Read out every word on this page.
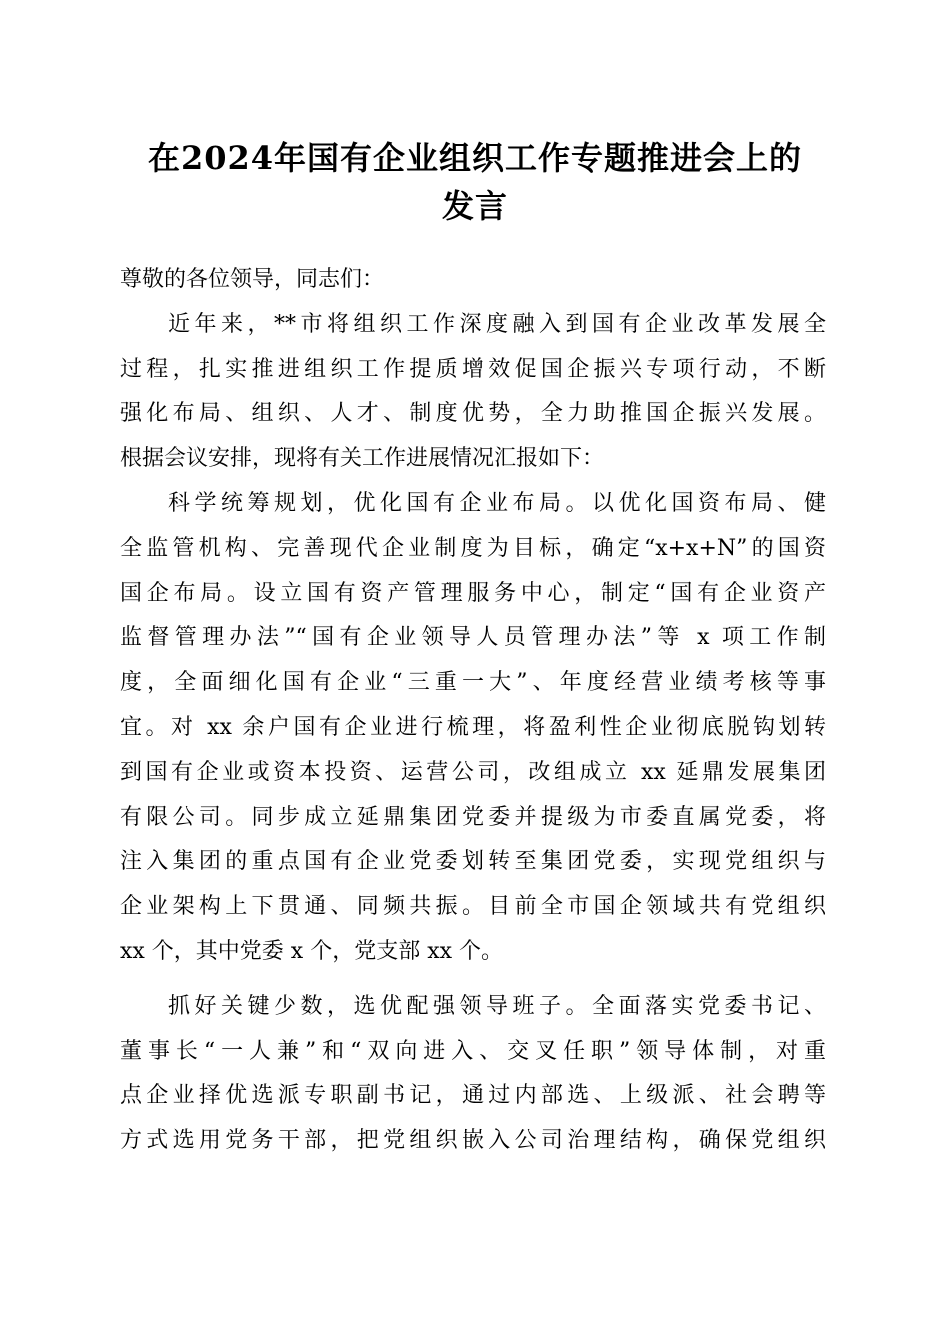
在2024年国有企业组织工作专题推进会上的
发言
尊敬的各位领导，同志们：
近年来，**市将组织工作深度融入到国有企业改革发展全
过程，扎实推进组织工作提质增效促国企振兴专项行动，不断
强化布局、组织、人才、制度优势，全力助推国企振兴发展。
根据会议安排，现将有关工作进展情况汇报如下：
科学统筹规划，优化国有企业布局。以优化国资布局、健
全监管机构、完善现代企业制度为目标，确定“x+x+N”的国资
国企布局。设立国有资产管理服务中心，制定“国有企业资产
监督管理办法”“国有企业领导人员管理办法”等 x 项工作制
度，全面细化国有企业“三重一大”、年度经营业绩考核等事
宜。对 xx 余户国有企业进行梳理，将盈利性企业彻底脱钩划转
到国有企业或资本投资、运营公司，改组成立 xx 延鼎发展集团
有限公司。同步成立延鼎集团党委并提级为市委直属党委，将
注入集团的重点国有企业党委划转至集团党委，实现党组织与
企业架构上下贯通、同频共振。目前全市国企领域共有党组织
xx 个，其中党委 x 个，党支部 xx 个。
抓好关键少数，选优配强领导班子。全面落实党委书记、
董事长“一人兼”和“双向进入、交叉任职”领导体制，对重
点企业择优选派专职副书记，通过内部选、上级派、社会聘等
方式选用党务干部，把党组织嵌入公司治理结构，确保党组织
